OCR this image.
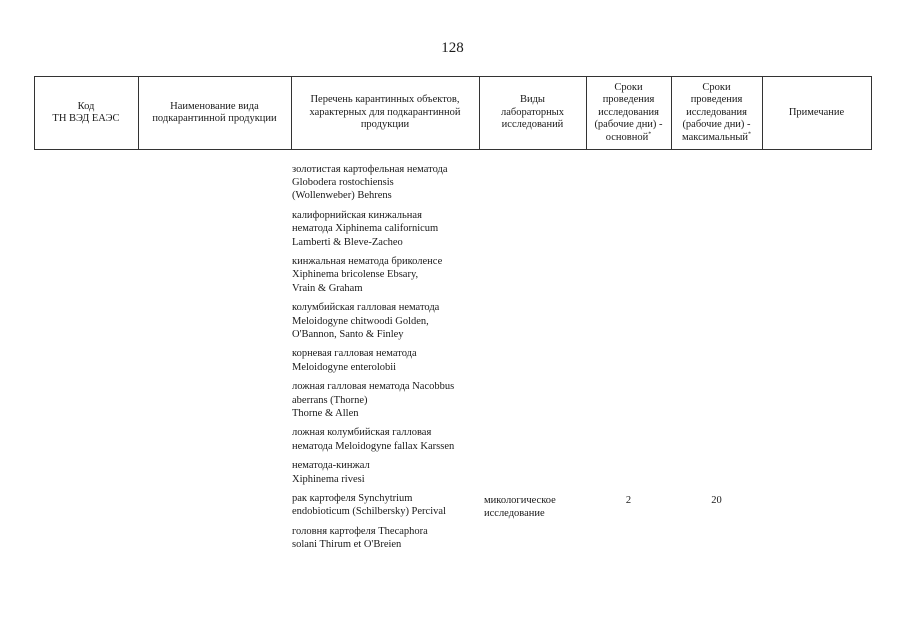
128
Код
ТН ВЭД ЕАЭС
Наименование вида
подкарантинной продукции
Перечень карантинных объектов,
характерных для подкарантинной
продукции
Виды
лабораторных
исследований
Сроки
проведения
исследования
(рабочие дни) -
основной*
Сроки
проведения
исследования
(рабочие дни) -
максимальный*
Примечание
золотистая картофельная нематода
Globodera rostochiensis
(Wollenweber) Behrens
калифорнийская кинжальная
нематода Xiphinema californicum
Lamberti & Bleve-Zacheo
кинжальная нематода бриколенсе
Xiphinema bricolense Ebsary,
Vrain & Graham
колумбийская галловая нематода
Meloidogyne chitwoodi Golden,
O'Bannon, Santo & Finley
корневая галловая нематода
Meloidogyne enterolobii
ложная галловая нематода Nacobbus
aberrans (Thorne)
Thorne & Allen
ложная колумбийская галловая
нематода Meloidogyne fallax Karssen
нематода-кинжал
Xiphinema rivesi
рак картофеля Synchytrium
endobioticum (Schilbersky) Percival
головня картофеля Thecaphora
solani Thirum et O'Breien
микологическое
исследование
2	20
